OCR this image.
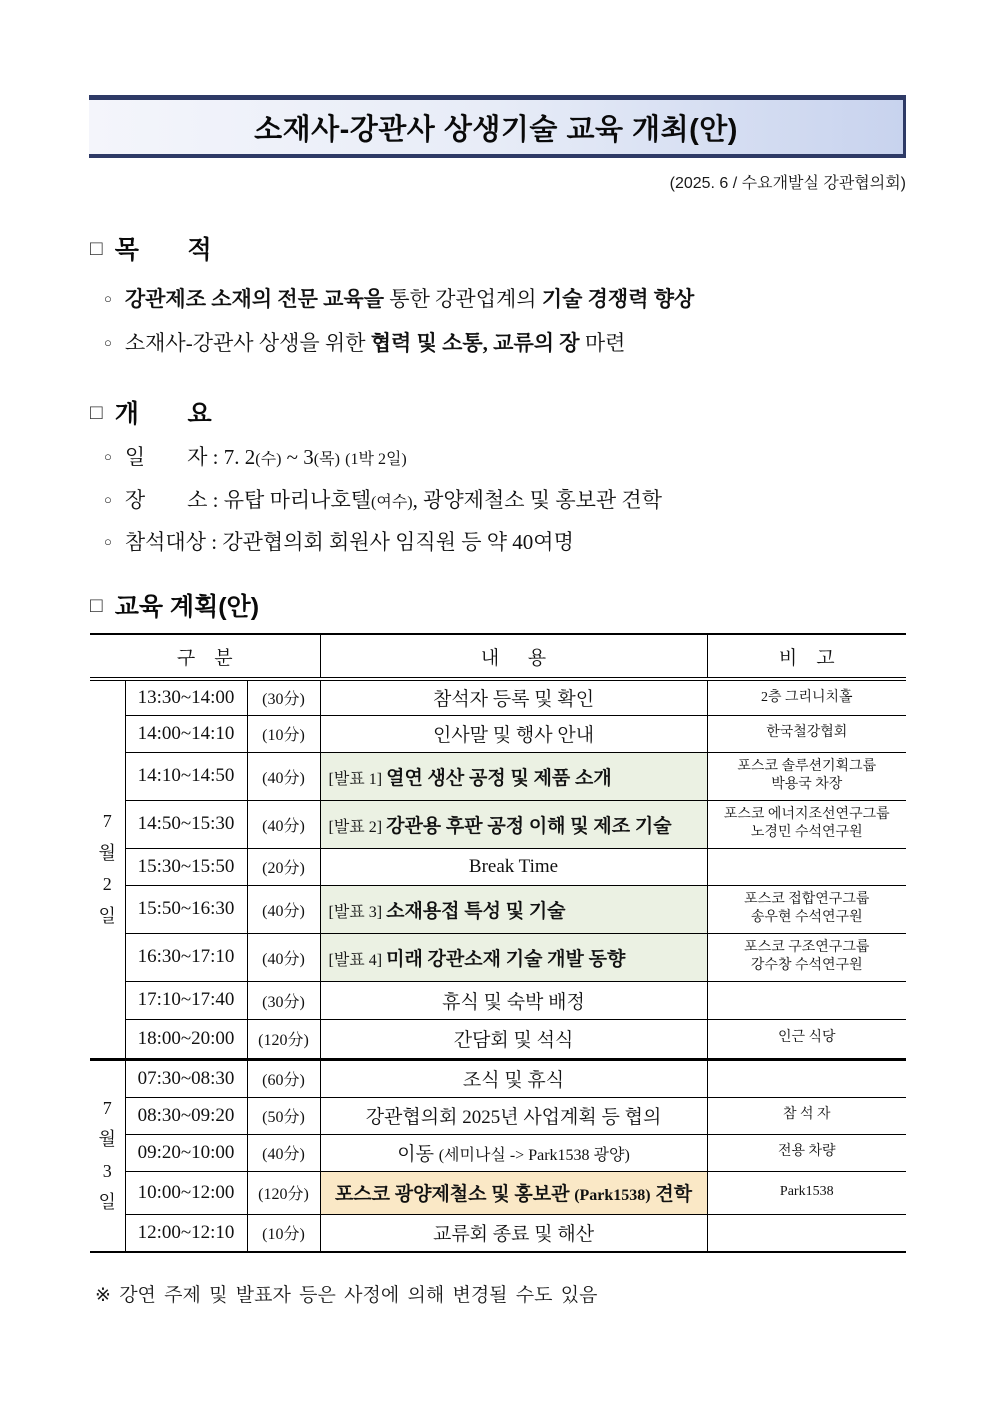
소재사-강관사 상생기술 교육 개최(안)
(2025. 6 / 수요개발실 강관협의회)
□ 목       적
○ 강관제조 소재의 전문 교육을 통한 강관업계의 기술 경쟁력 향상
○ 소재사-강관사 상생을 위한 협력 및 소통, 교류의 장 마련
□ 개       요
○ 일        자 : 7. 2(수) ~ 3(목) (1박 2일)
○ 장        소 : 유탑 마리나호텔(여수), 광양제철소 및 홍보관 견학
○ 참석대상 : 강관협의회 회원사 임직원 등 약 40여명
□ 교육 계획(안)
구    분			내      용	비    고

7
월
2
일	13:30~14:00	(30分)	참석자 등록 및 확인	2층 그리니치홀

	14:00~14:10	(10分)	인사말 및 행사 안내	한국철강협회

	14:10~14:50	(40分)	[발표 1] 열연 생산 공정 및 제품 소개	포스코 솔루션기획그룹
박용국 차장

	14:50~15:30	(40分)	[발표 2] 강관용 후판 공정 이해 및 제조 기술	포스코 에너지조선연구그룹
노경민 수석연구원

	15:30~15:50	(20分)	Break Time	
	15:50~16:30	(40分)	[발표 3] 소재용접 특성 및 기술	포스코 접합연구그룹
송우현 수석연구원

	16:30~17:10	(40分)	[발표 4] 미래 강관소재 기술 개발 동향	포스코 구조연구그룹
강수창 수석연구원

	17:10~17:40	(30分)	휴식 및 숙박 배정	
	18:00~20:00	(120分)	간담회 및 석식	인근 식당

7
월
3
일	07:30~08:30	(60分)	조식 및 휴식	
	08:30~09:20	(50分)	강관협의회 2025년 사업계획 등 협의	참 석 자

	09:20~10:00	(40分)	이동 (세미나실 -> Park1538 광양)	전용 차량

	10:00~12:00	(120分)	포스코 광양제철소 및 홍보관 (Park1538) 견학	Park1538

	12:00~12:10	(10分)	교류회 종료 및 해산	
※ 강연 주제 및 발표자 등은 사정에 의해 변경될 수도 있음
